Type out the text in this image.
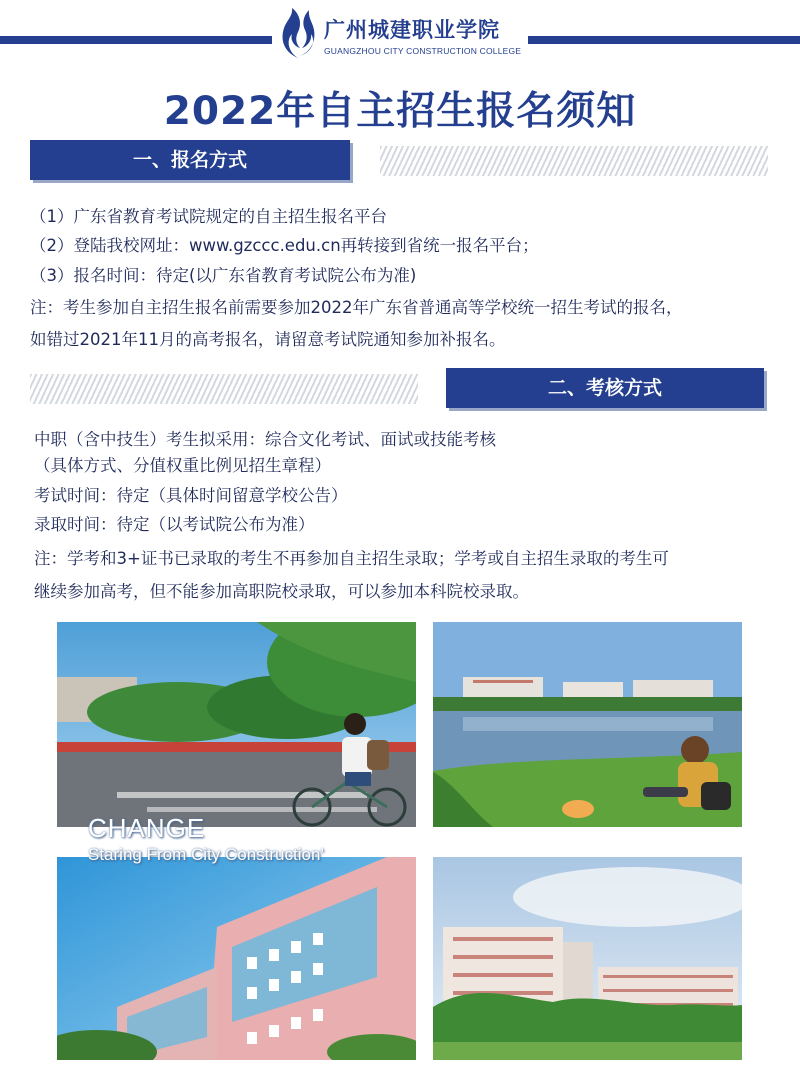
广州城建职业学院
GUANGZHOU CITY CONSTRUCTION COLLEGE
2022年自主招生报名须知
一、报名方式
（1）广东省教育考试院规定的自主招生报名平台
（2）登陆我校网址：www.gzccc.edu.cn再转接到省统一报名平台；
（3）报名时间：待定(以广东省教育考试院公布为准)
注：考生参加自主招生报名前需要参加2022年广东省普通高等学校统一招生考试的报名，
如错过2021年11月的高考报名，请留意考试院通知参加补报名。
二、考核方式
中职（含中技生）考生拟采用：综合文化考试、面试或技能考核
（具体方式、分值权重比例见招生章程）
考试时间：待定（具体时间留意学校公告）
录取时间：待定（以考试院公布为准）
注：学考和3+证书已录取的考生不再参加自主招生录取；学考或自主招生录取的考生可
继续参加高考，但不能参加高职院校录取，可以参加本科院校录取。
CHANGE
Staring From City Construction’
